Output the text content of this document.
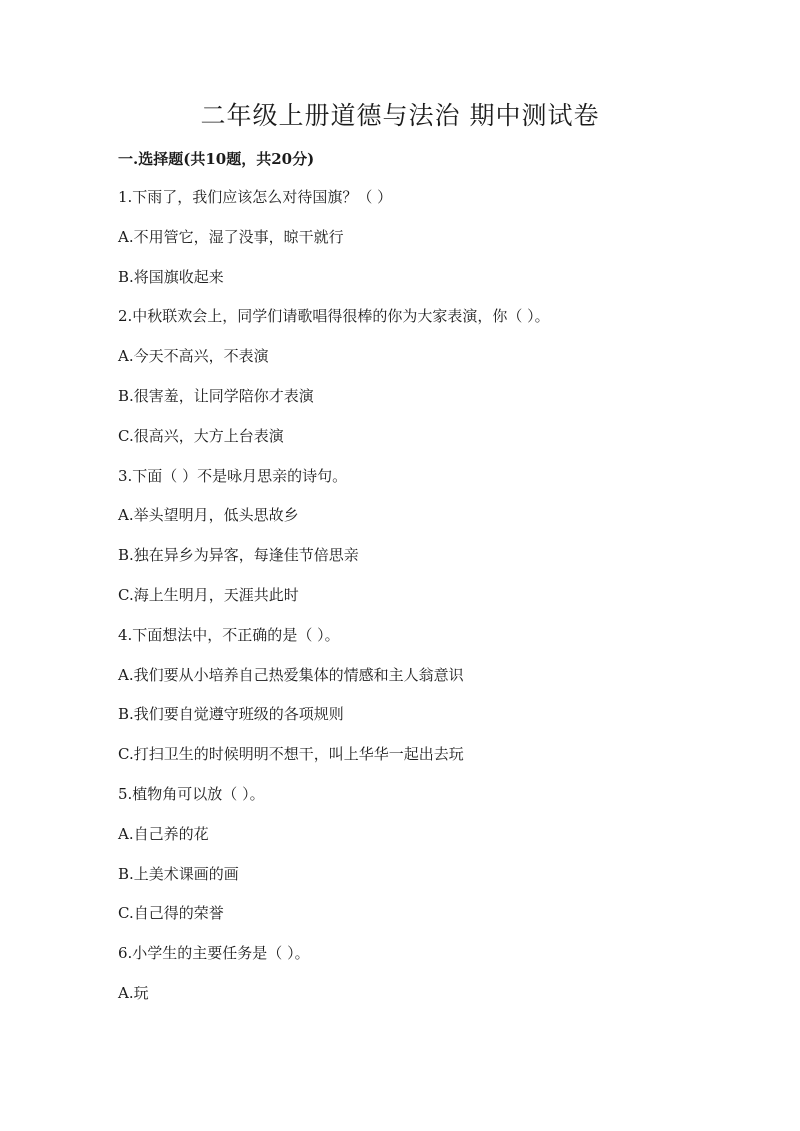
二年级上册道德与法治 期中测试卷
一.选择题(共10题，共20分)
1.下雨了，我们应该怎么对待国旗？（ ）
A.不用管它，湿了没事，晾干就行
B.将国旗收起来
2.中秋联欢会上，同学们请歌唱得很棒的你为大家表演，你（ ）。
A.今天不高兴，不表演
B.很害羞，让同学陪你才表演
C.很高兴，大方上台表演
3.下面（ ）不是咏月思亲的诗句。
A.举头望明月，低头思故乡
B.独在异乡为异客，每逢佳节倍思亲
C.海上生明月，天涯共此时
4.下面想法中，不正确的是（ ）。
A.我们要从小培养自己热爱集体的情感和主人翁意识
B.我们要自觉遵守班级的各项规则
C.打扫卫生的时候明明不想干，叫上华华一起出去玩
5.植物角可以放（ ）。
A.自己养的花
B.上美术课画的画
C.自己得的荣誉
6.小学生的主要任务是（ ）。
A.玩
